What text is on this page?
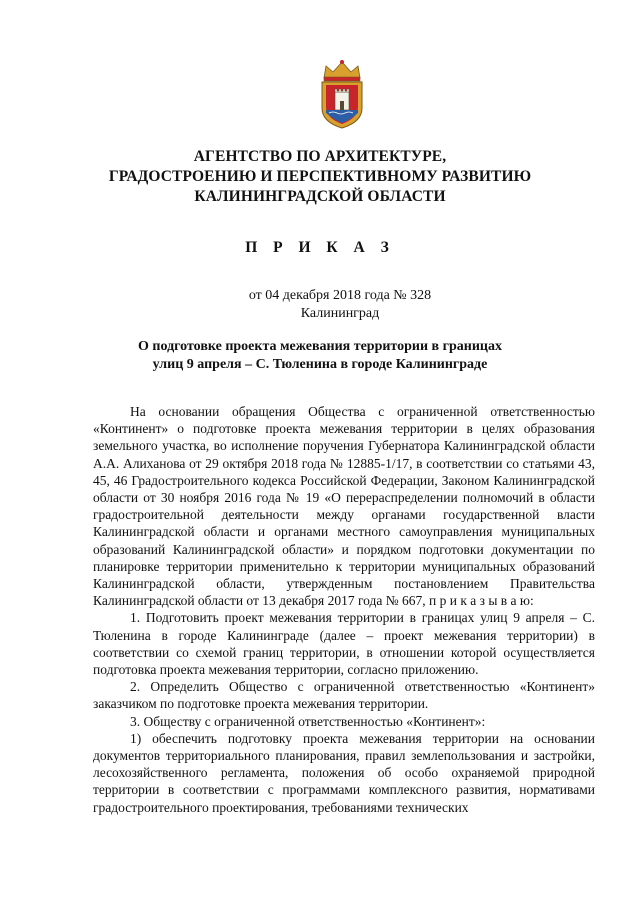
АГЕНТСТВО ПО АРХИТЕКТУРЕ,
ГРАДОСТРОЕНИЮ И ПЕРСПЕКТИВНОМУ РАЗВИТИЮ
КАЛИНИНГРАДСКОЙ ОБЛАСТИ
П Р И К А З
от 04 декабря 2018 года № 328
Калининград
О подготовке проекта межевания территории в границах
улиц 9 апреля – С. Тюленина в городе Калининграде

На основании обращения Общества с ограниченной ответственностью «Континент» о подготовке проекта межевания территории в целях образования земельного участка, во исполнение поручения Губернатора Калининградской области А.А. Алиханова от 29 октября 2018 года № 12885-1/17, в соответствии со статьями 43, 45, 46 Градостроительного кодекса Российской Федерации, Законом Калининградской области от 30 ноября 2016 года № 19 «О перераспределении полномочий в области градостроительной деятельности между органами государственной власти Калининградской области и органами местного самоуправления муниципальных образований Калининградской области» и порядком подготовки документации по планировке территории применительно к территории муниципальных образований Калининградской области, утвержденным постановлением Правительства Калининградской области от 13 декабря 2017 года № 667, п р и к а з ы в а ю:

1. Подготовить проект межевания территории в границах улиц 9 апреля – С. Тюленина в городе Калининграде (далее – проект межевания территории) в соответствии со схемой границ территории, в отношении которой осуществляется подготовка проекта межевания территории, согласно приложению.

2. Определить Общество с ограниченной ответственностью «Континент» заказчиком по подготовке проекта межевания территории.

3. Обществу с ограниченной ответственностью «Континент»:

1) обеспечить подготовку проекта межевания территории на основании документов территориального планирования, правил землепользования и застройки, лесохозяйственного регламента, положения об особо охраняемой природной территории в соответствии с программами комплексного развития, нормативами градостроительного проектирования, требованиями технических
